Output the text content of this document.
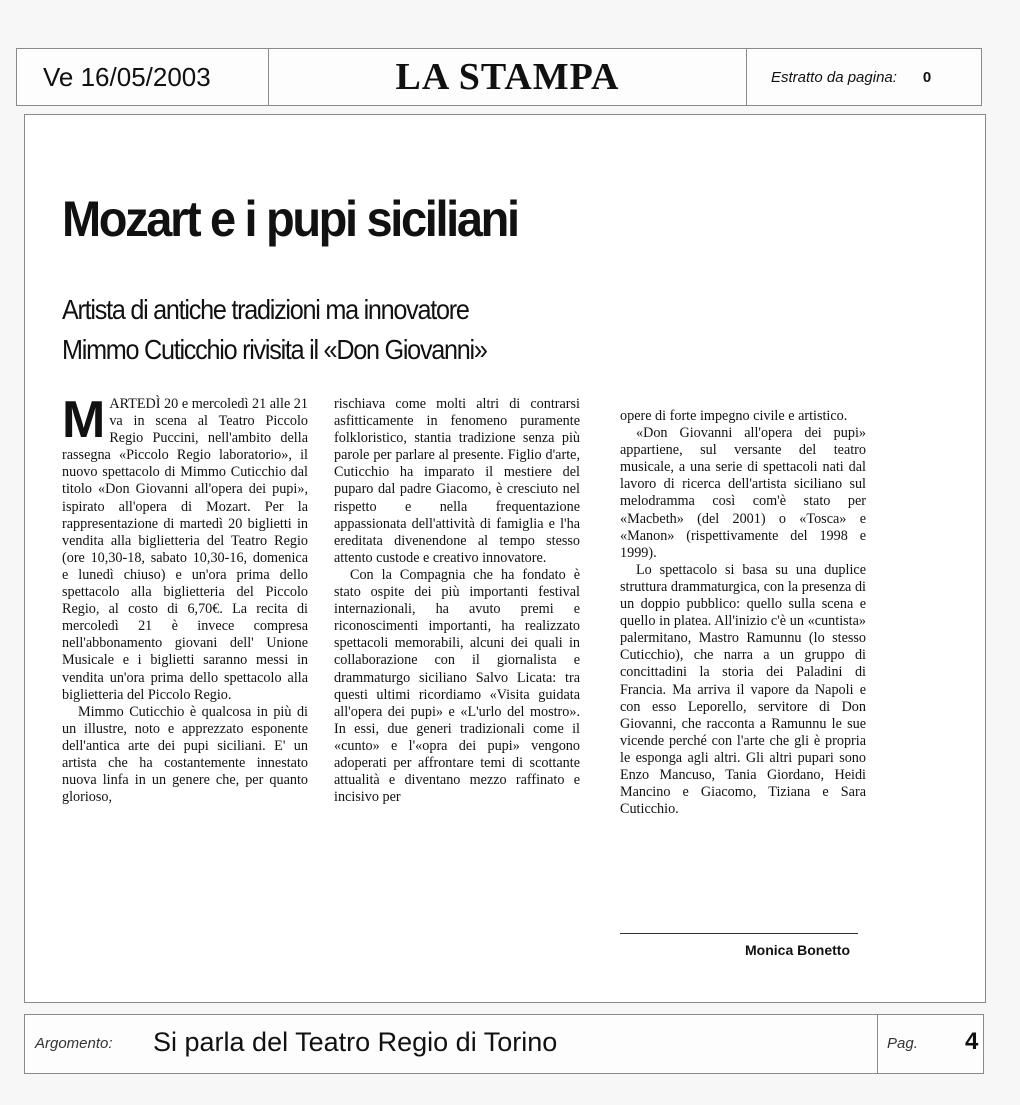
Ve 16/05/2003	LA STAMPA	Estratto da pagina: 0
Mozart e i pupi siciliani
Artista di antiche tradizioni ma innovatore
Mimmo Cuticchio rivisita il «Don Giovanni»

MARTEDÌ 20 e mercoledì 21 alle 21 va in scena al Teatro Piccolo Regio Puccini, nell'ambito della rassegna «Piccolo Regio laboratorio», il nuovo spettacolo di Mimmo Cuticchio dal titolo «Don Giovanni all'opera dei pupi», ispirato all'opera di Mozart. Per la rappresentazione di martedì 20 biglietti in vendita alla biglietteria del Teatro Regio (ore 10,30-18, sabato 10,30-16, domenica e lunedì chiuso) e un'ora prima dello spettacolo alla biglietteria del Piccolo Regio, al costo di 6,70€. La recita di mercoledì 21 è invece compresa nell'abbonamento giovani dell' Unione Musicale e i biglietti saranno messi in vendita un'ora prima dello spettacolo alla biglietteria del Piccolo Regio.

Mimmo Cuticchio è qualcosa in più di un illustre, noto e apprezzato esponente dell'antica arte dei pupi siciliani. E' un artista che ha costantemente innestato nuova linfa in un genere che, per quanto glorioso,

rischiava come molti altri di contrarsi asfitticamente in fenomeno puramente folkloristico, stantia tradizione senza più parole per parlare al presente. Figlio d'arte, Cuticchio ha imparato il mestiere del puparo dal padre Giacomo, è cresciuto nel rispetto e nella frequentazione appassionata dell'attività di famiglia e l'ha ereditata divenendone al tempo stesso attento custode e creativo innovatore.

Con la Compagnia che ha fondato è stato ospite dei più importanti festival internazionali, ha avuto premi e riconoscimenti importanti, ha realizzato spettacoli memorabili, alcuni dei quali in collaborazione con il giornalista e drammaturgo siciliano Salvo Licata: tra questi ultimi ricordiamo «Visita guidata all'opera dei pupi» e «L'urlo del mostro». In essi, due generi tradizionali come il «cunto» e l'«opra dei pupi» vengono adoperati per affrontare temi di scottante attualità e diventano mezzo raffinato e incisivo per

opere di forte impegno civile e artistico.

«Don Giovanni all'opera dei pupi» appartiene, sul versante del teatro musicale, a una serie di spettacoli nati dal lavoro di ricerca dell'artista siciliano sul melodramma così com'è stato per «Macbeth» (del 2001) o «Tosca» e «Manon» (rispettivamente del 1998 e 1999).

Lo spettacolo si basa su una duplice struttura drammaturgica, con la presenza di un doppio pubblico: quello sulla scena e quello in platea. All'inizio c'è un «cuntista» palermitano, Mastro Ramunnu (lo stesso Cuticchio), che narra a un gruppo di concittadini la storia dei Paladini di Francia. Ma arriva il vapore da Napoli e con esso Leporello, servitore di Don Giovanni, che racconta a Ramunnu le sue vicende perché con l'arte che gli è propria le esponga agli altri. Gli altri pupari sono Enzo Mancuso, Tania Giordano, Heidi Mancino e Giacomo, Tiziana e Sara Cuticchio.

Monica Bonetto
Argomento: Si parla del Teatro Regio di Torino	Pag. 4
